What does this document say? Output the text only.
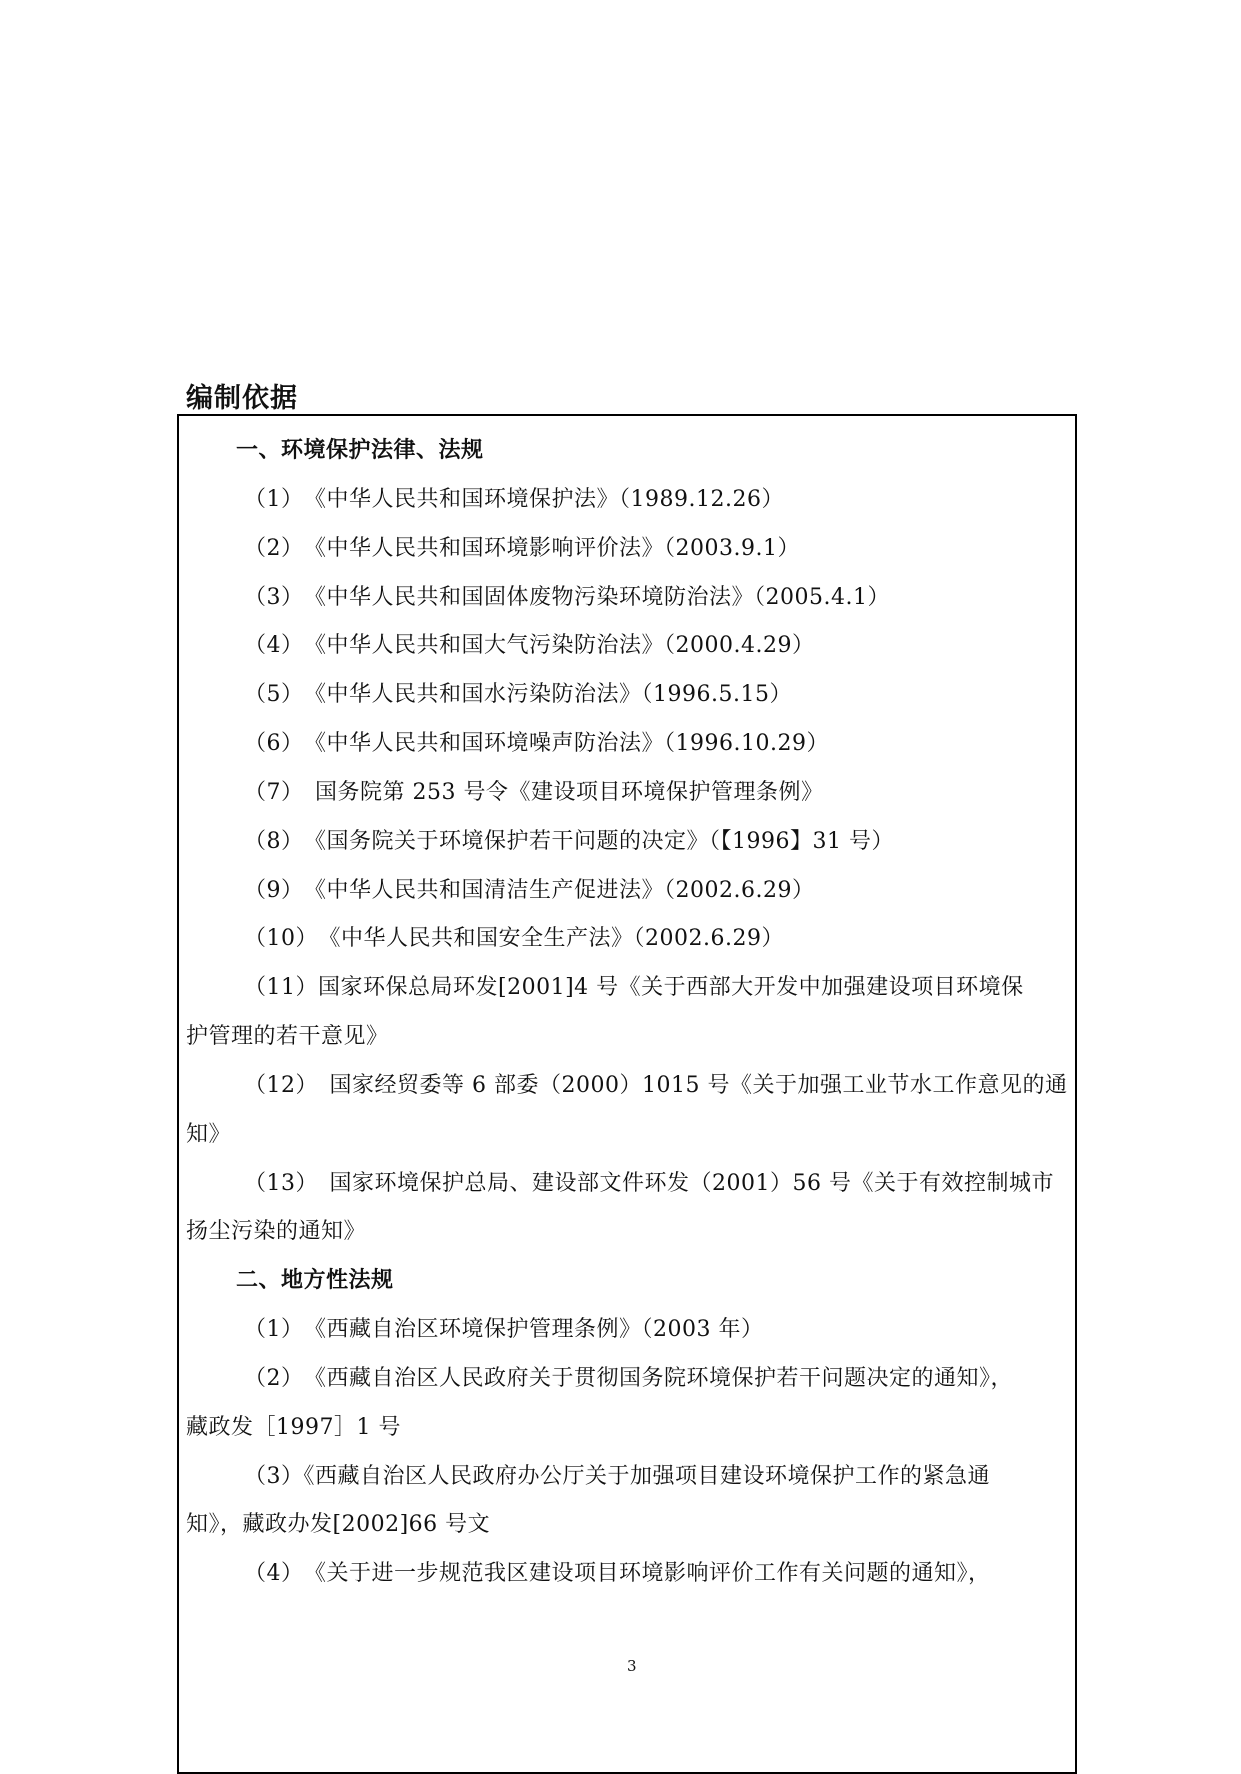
编制依据
一、环境保护法律、法规
（1）　《中华人民共和国环境保护法》（1989.12.26）
（2）　《中华人民共和国环境影响评价法》（2003.9.1）
（3）　《中华人民共和国固体废物污染环境防治法》（2005.4.1）
（4）　《中华人民共和国大气污染防治法》（2000.4.29）
（5）　《中华人民共和国水污染防治法》（1996.5.15）
（6）　《中华人民共和国环境噪声防治法》（1996.10.29）
（7）　国务院第 253 号令《建设项目环境保护管理条例》
（8）　《国务院关于环境保护若干问题的决定》（【1996】31 号）
（9）　《中华人民共和国清洁生产促进法》（2002.6.29）
（10）　《中华人民共和国安全生产法》（2002.6.29）
（11）国家环保总局环发[2001]4 号《关于西部大开发中加强建设项目环境保
护管理的若干意见》
（12）　国家经贸委等 6 部委（2000）1015 号《关于加强工业节水工作意见的通
知》
（13）　国家环境保护总局、建设部文件环发（2001）56 号《关于有效控制城市
扬尘污染的通知》
二、地方性法规
（1）　《西藏自治区环境保护管理条例》（2003 年）
（2）　《西藏自治区人民政府关于贯彻国务院环境保护若干问题决定的通知》，
藏政发［1997］1 号
（3）《西藏自治区人民政府办公厅关于加强项目建设环境保护工作的紧急通
知》，藏政办发[2002]66 号文
（4）　《关于进一步规范我区建设项目环境影响评价工作有关问题的通知》，
3
